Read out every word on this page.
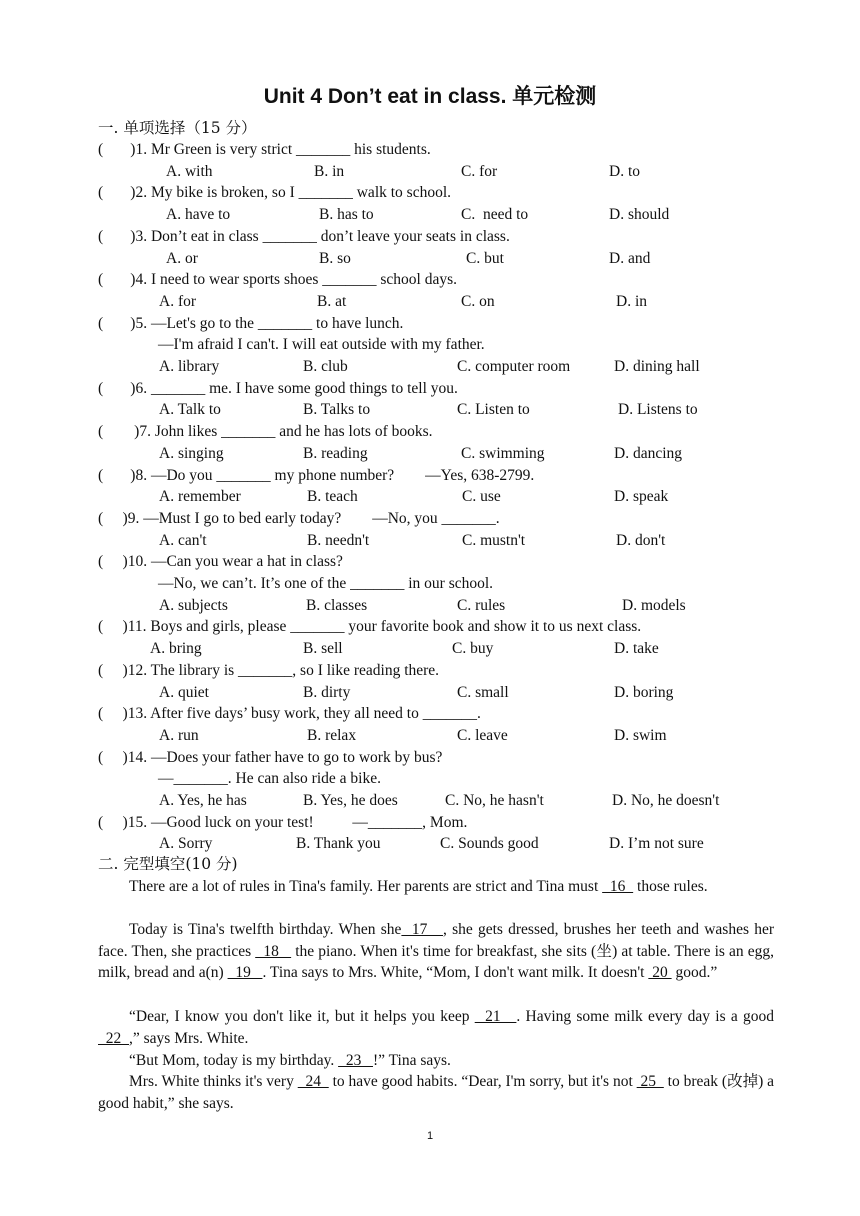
Unit 4 Don’t eat in class. 单元检测
一. 单项选择（15 分）
(       )1. Mr Green is very strict _______ his students.
A. with	B. in	C. for	D. to
(       )2. My bike is broken, so I _______ walk to school.
A. have to	B. has to	C.  need to	D. should
(       )3. Don’t eat in class _______ don’t leave your seats in class.
A. or	B. so	C. but	D. and
(       )4. I need to wear sports shoes _______ school days.
A. for	B. at	C. on	D. in
(       )5. —Let's go to the _______ to have lunch.
—I'm afraid I can't. I will eat outside with my father.
A. library	B. club	C. computer room	D. dining hall
(       )6. _______ me. I have some good things to tell you.
A. Talk to	B. Talks to	C. Listen to	D. Listens to
(        )7. John likes _______ and he has lots of books.
A. singing	B. reading	C. swimming	D. dancing
(       )8. —Do you _______ my phone number?        —Yes, 638-2799.
A. remember	B. teach	C. use	D. speak
(     )9. —Must I go to bed early today?        —No, you _______.
A. can't	B. needn't	C. mustn't	D. don't
(     )10. —Can you wear a hat in class?
—No, we can’t. It’s one of the _______ in our school.
A. subjects	B. classes	C. rules	D. models
(     )11. Boys and girls, please _______ your favorite book and show it to us next class.
A. bring	B. sell	C. buy	D. take
(     )12. The library is _______, so I like reading there.
A. quiet	B. dirty	C. small	D. boring
(     )13. After five days’ busy work, they all need to _______.
A. run	B. relax	C. leave	D. swim
(     )14. —Does your father have to go to work by bus?
—_______. He can also ride a bike.
A. Yes, he has	B. Yes, he does	C. No, he hasn't	D. No, he doesn't
(     )15. —Good luck on your test!          —_______, Mom.
A. Sorry	B. Thank you	C. Sounds good	D. I’m not sure
二. 完型填空(10 分)
There are a lot of rules in Tina's family. Her parents are strict and Tina must   16   those rules.
Today is Tina's twelfth birthday. When she  17   , she gets dressed, brushes her teeth and washes her face. Then, she practices   18    the piano. When it's time for breakfast, she sits (坐) at table. There is an egg, milk, bread and a(n)   19   . Tina says to Mrs. White, “Mom, I don't want milk. It doesn't  20  good.”
“Dear, I know you don't like it, but it helps you keep   21   . Having some milk every day is a good   22  ,” says Mrs. White.
“But Mom, today is my birthday.   23   !” Tina says.
Mrs. White thinks it's very   24   to have good habits. “Dear, I'm sorry, but it's not  25   to break (改掉) a good habit,” she says.
1
